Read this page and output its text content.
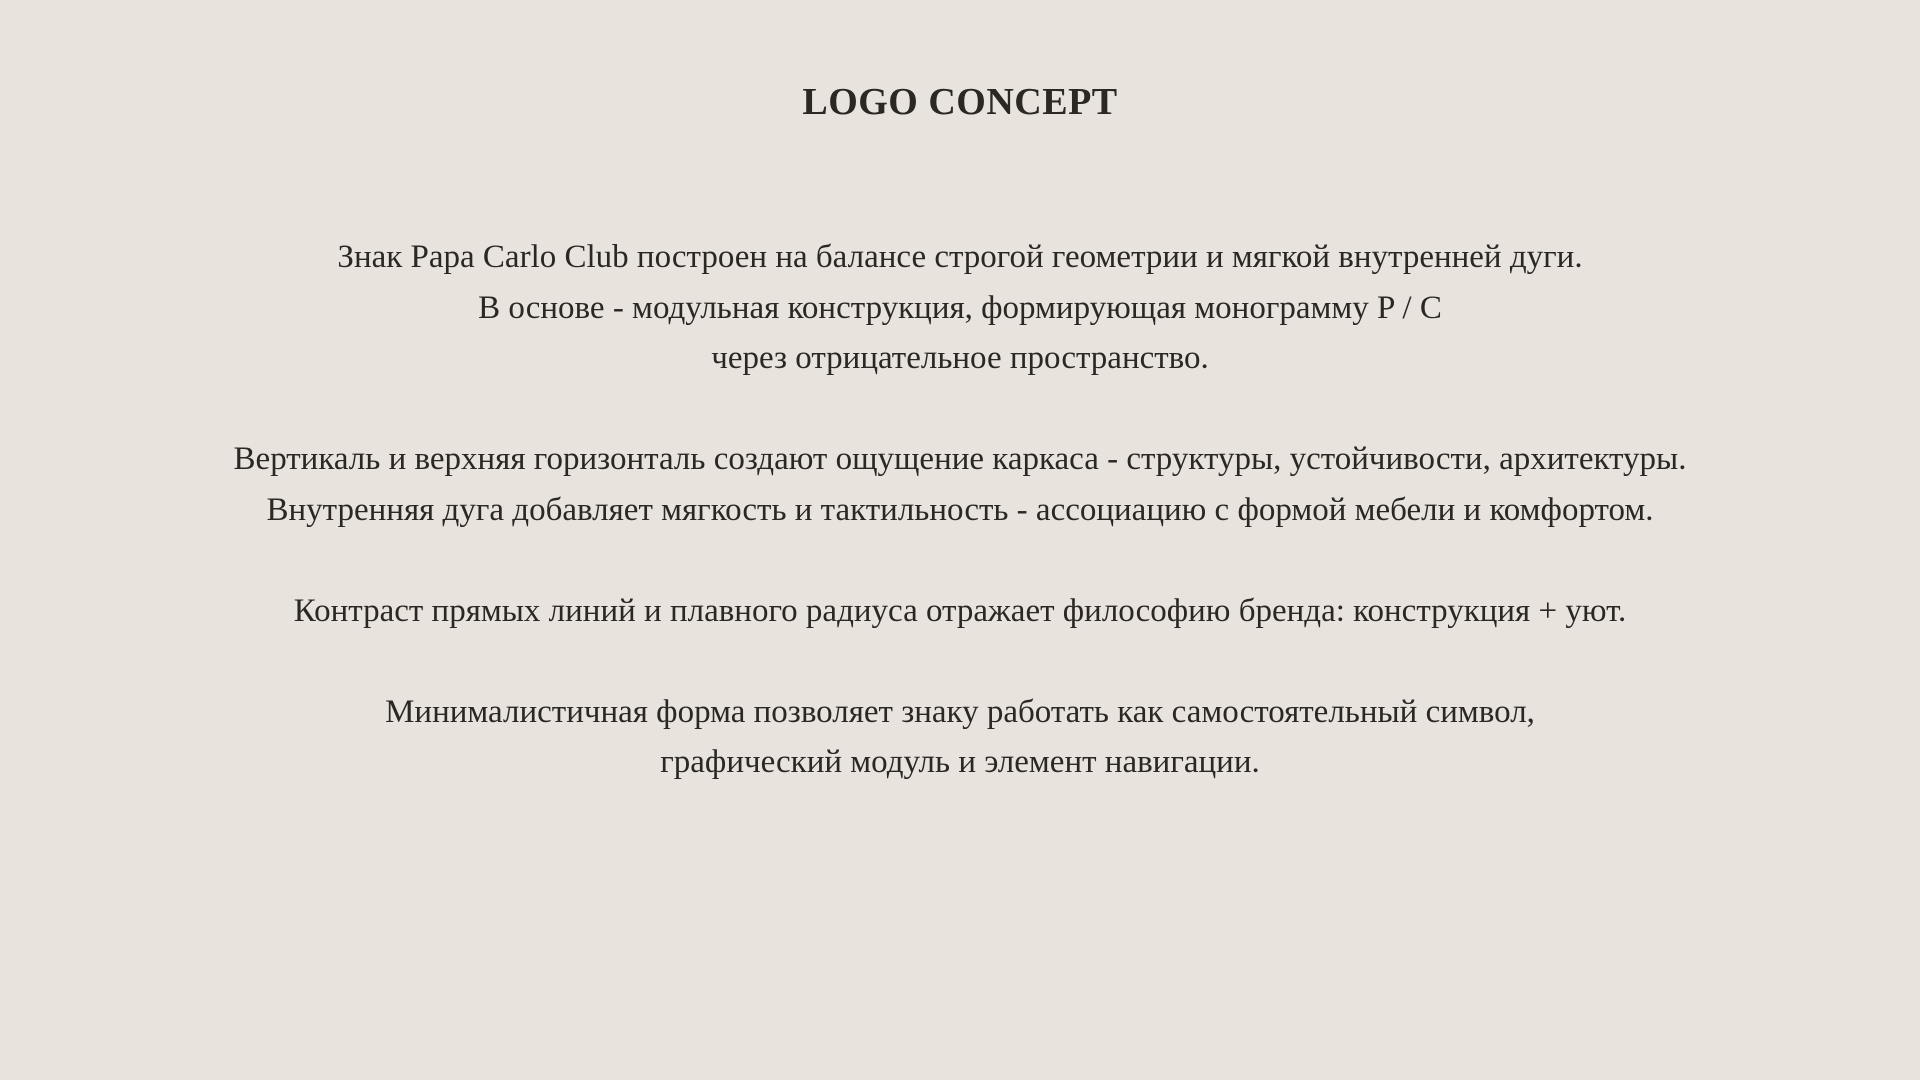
LOGO CONCEPT

Знак Papa Carlo Club построен на балансе строгой геометрии и мягкой внутренней дуги.
В основе - модульная конструкция, формирующая монограмму P / C
через отрицательное пространство.

Вертикаль и верхняя горизонталь создают ощущение каркаса - структуры, устойчивости, архитектуры.
Внутренняя дуга добавляет мягкость и тактильность - ассоциацию с формой мебели и комфортом.

Контраст прямых линий и плавного радиуса отражает философию бренда: конструкция + уют.

Минималистичная форма позволяет знаку работать как самостоятельный символ,
графический модуль и элемент навигации.
